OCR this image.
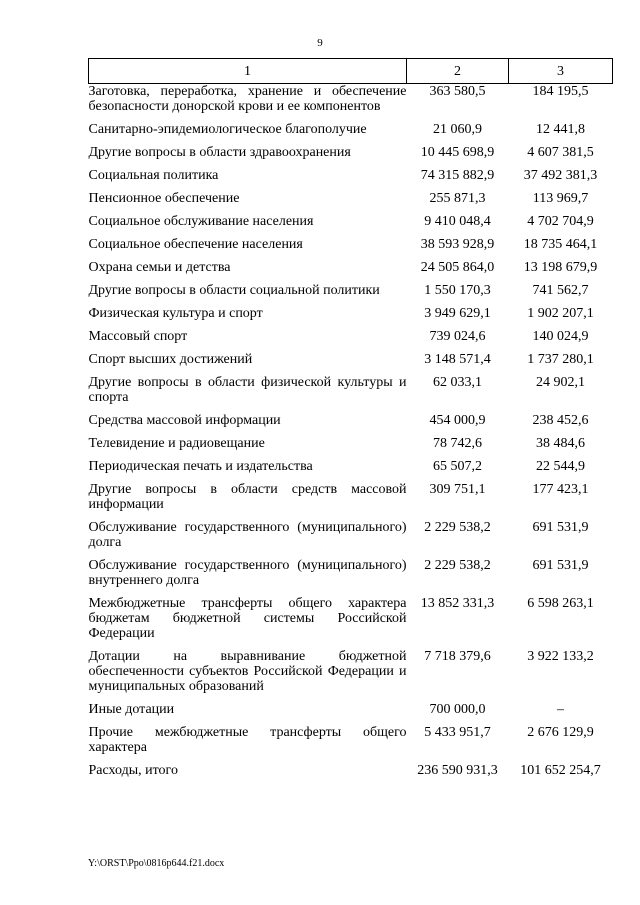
9
1	2	3
Заготовка, переработка, хранение и обеспечение безопасности донорской крови и ее компонентов	363 580,5	184 195,5
Санитарно-эпидемиологическое благополучие	21 060,9	12 441,8
Другие вопросы в области здравоохранения	10 445 698,9	4 607 381,5
Социальная политика	74 315 882,9	37 492 381,3
Пенсионное обеспечение	255 871,3	113 969,7
Социальное обслуживание населения	9 410 048,4	4 702 704,9
Социальное обеспечение населения	38 593 928,9	18 735 464,1
Охрана семьи и детства	24 505 864,0	13 198 679,9
Другие вопросы в области социальной политики	1 550 170,3	741 562,7
Физическая культура и спорт	3 949 629,1	1 902 207,1
Массовый спорт	739 024,6	140 024,9
Спорт высших достижений	3 148 571,4	1 737 280,1
Другие вопросы в области физической культуры и спорта	62 033,1	24 902,1
Средства массовой информации	454 000,9	238 452,6
Телевидение и радиовещание	78 742,6	38 484,6
Периодическая печать и издательства	65 507,2	22 544,9
Другие вопросы в области средств массовой информации	309 751,1	177 423,1
Обслуживание государственного (муниципального) долга	2 229 538,2	691 531,9
Обслуживание государственного (муниципального) внутреннего долга	2 229 538,2	691 531,9
Межбюджетные трансферты общего характера бюджетам бюджетной системы Российской Федерации	13 852 331,3	6 598 263,1
Дотации на выравнивание бюджетной обеспеченности субъектов Российской Федерации и муниципальных образований	7 718 379,6	3 922 133,2
Иные дотации	700 000,0	–
Прочие межбюджетные трансферты общего характера	5 433 951,7	2 676 129,9
Расходы, итого	236 590 931,3	101 652 254,7
Y:\ORST\Ppo\0816p644.f21.docx
